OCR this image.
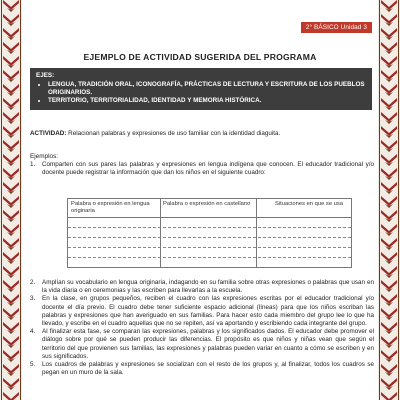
2° BÁSICO Unidad 3
EJEMPLO DE ACTIVIDAD SUGERIDA DEL PROGRAMA
EJES:
• LENGUA, TRADICIÓN ORAL, ICONOGRAFÍA, PRÁCTICAS DE LECTURA Y ESCRITURA DE LOS PUEBLOS ORIGINARIOS.
• TERRITORIO, TERRITORIALIDAD, IDENTIDAD Y MEMORIA HISTÓRICA.
ACTIVIDAD: Relacionan palabras y expresiones de uso familiar con la identidad diaguita.
Ejemplos:
1. Comparten con sus pares las palabras y expresiones en lengua indígena que conocen. El educador tradicional y/o docente puede registrar la información que dan los niños en el siguiente cuadro:
Palabra o expresión en lengua originaria
Palabra o expresión en castellano	Situaciones en que se usa
2. Amplían su vocabulario en lengua originaria, indagando en su familia sobre otras expresiones o palabras que usan en la vida diaria o en ceremonias y las escriben para llevarlas a la escuela.
3. En la clase, en grupos pequeños, reciben el cuadro con las expresiones escritas por el educador tradicional y/o docente el día previo. El cuadro debe tener suficiente espacio adicional (líneas) para que los niños escriban las palabras y expresiones que han averiguado en sus familias. Para hacer esto cada miembro del grupo lee lo que ha llevado, y escribe en el cuadro aquellas que no se repiten, así va aportando y escribiendo cada integrante del grupo.
4. Al finalizar esta fase, se comparan las expresiones, palabras y los significados dados. El educador debe promover el diálogo sobre por qué se pueden producir las diferencias. El propósito es que niños y niñas vean que según el territorio del que provienen sus familias, las expresiones y palabras pueden variar en cuanto a cómo se escriben y en sus significados.
5. Los cuadros de palabras y expresiones se socializan con el resto de los grupos y, al finalizar, todos los cuadros se pegan en un muro de la sala.
